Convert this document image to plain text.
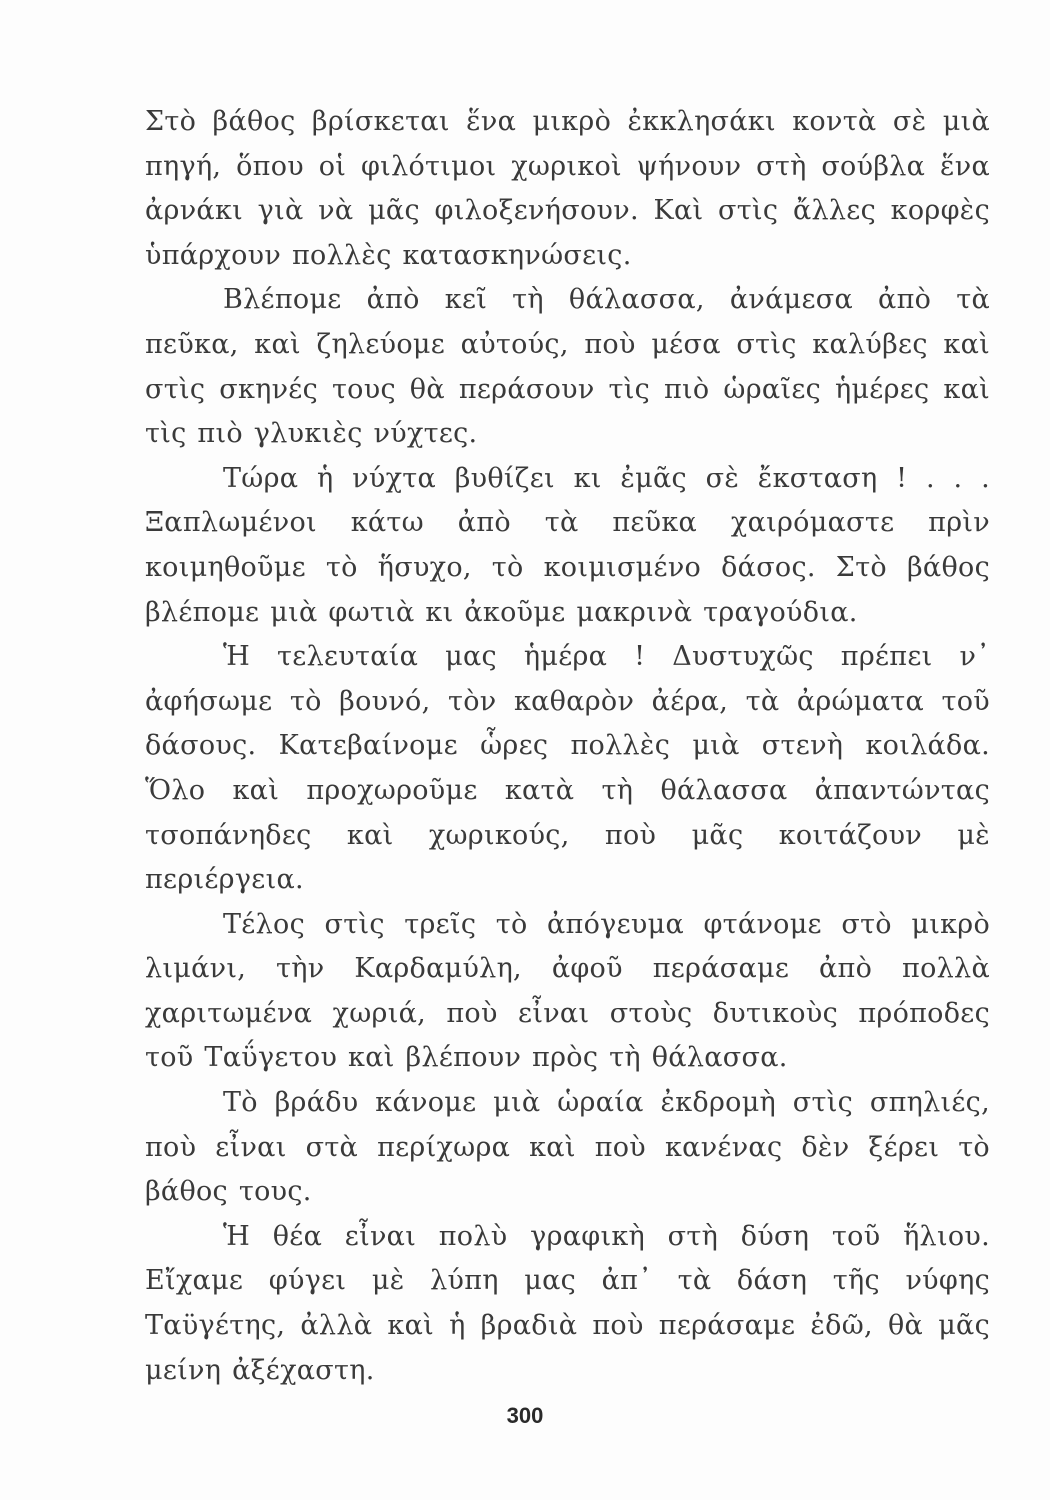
Στὸ βάθος βρίσκεται ἕνα μικρὸ ἐκκλησάκι κοντὰ σὲ μιὰ πηγή, ὅπου οἱ φιλότιμοι χωρικοὶ ψήνουν στὴ σούβλα ἕνα ἀρνάκι γιὰ νὰ μᾶς φιλοξενήσουν. Καὶ στὶς ἄλλες κορφὲς ὑπάρχουν πολλὲς κατασκηνώσεις.

Βλέπομε ἀπὸ κεῖ τὴ θάλασσα, ἀνάμεσα ἀπὸ τὰ πεῦκα, καὶ ζηλεύομε αὐτούς, ποὺ μέσα στὶς καλύβες καὶ στὶς σκηνές τους θὰ περάσουν τὶς πιὸ ὡραῖες ἡμέρες καὶ τὶς πιὸ γλυκιὲς νύχτες.

Τώρα ἡ νύχτα βυθίζει κι ἐμᾶς σὲ ἔκσταση ! . . . Ξαπλωμένοι κάτω ἀπὸ τὰ πεῦκα χαιρόμαστε πρὶν κοιμηθοῦμε τὸ ἥσυχο, τὸ κοιμισμένο δάσος. Στὸ βάθος βλέπομε μιὰ φωτιὰ κι ἀκοῦμε μακρινὰ τραγούδια.

Ἡ τελευταία μας ἡμέρα ! Δυστυχῶς πρέπει ν᾿ ἀφήσωμε τὸ βουνό, τὸν καθαρὸν ἀέρα, τὰ ἀρώματα τοῦ δάσους. Κατεβαίνομε ὧρες πολλὲς μιὰ στενὴ κοιλάδα. Ὅλο καὶ προχωροῦμε κατὰ τὴ θάλασσα ἀπαντώντας τσοπάνηδες καὶ χωρικούς, ποὺ μᾶς κοιτάζουν μὲ περιέργεια.

Τέλος στὶς τρεῖς τὸ ἀπόγευμα φτάνομε στὸ μικρὸ λιμάνι, τὴν Καρδαμύλη, ἀφοῦ περάσαμε ἀπὸ πολλὰ χαριτωμένα χωριά, ποὺ εἶναι στοὺς δυτικοὺς πρόποδες τοῦ Ταΰγετου καὶ βλέπουν πρὸς τὴ θάλασσα.

Τὸ βράδυ κάνομε μιὰ ὡραία ἐκδρομὴ στὶς σπηλιές, ποὺ εἶναι στὰ περίχωρα καὶ ποὺ κανένας δὲν ξέρει τὸ βάθος τους.

Ἡ θέα εἶναι πολὺ γραφικὴ στὴ δύση τοῦ ἥλιου. Εἴχαμε φύγει μὲ λύπη μας ἀπ᾿ τὰ δάση τῆς νύφης Ταϋγέτης, ἀλλὰ καὶ ἡ βραδιὰ ποὺ περάσαμε ἐδῶ, θὰ μᾶς μείνη ἀξέχαστη.

300
